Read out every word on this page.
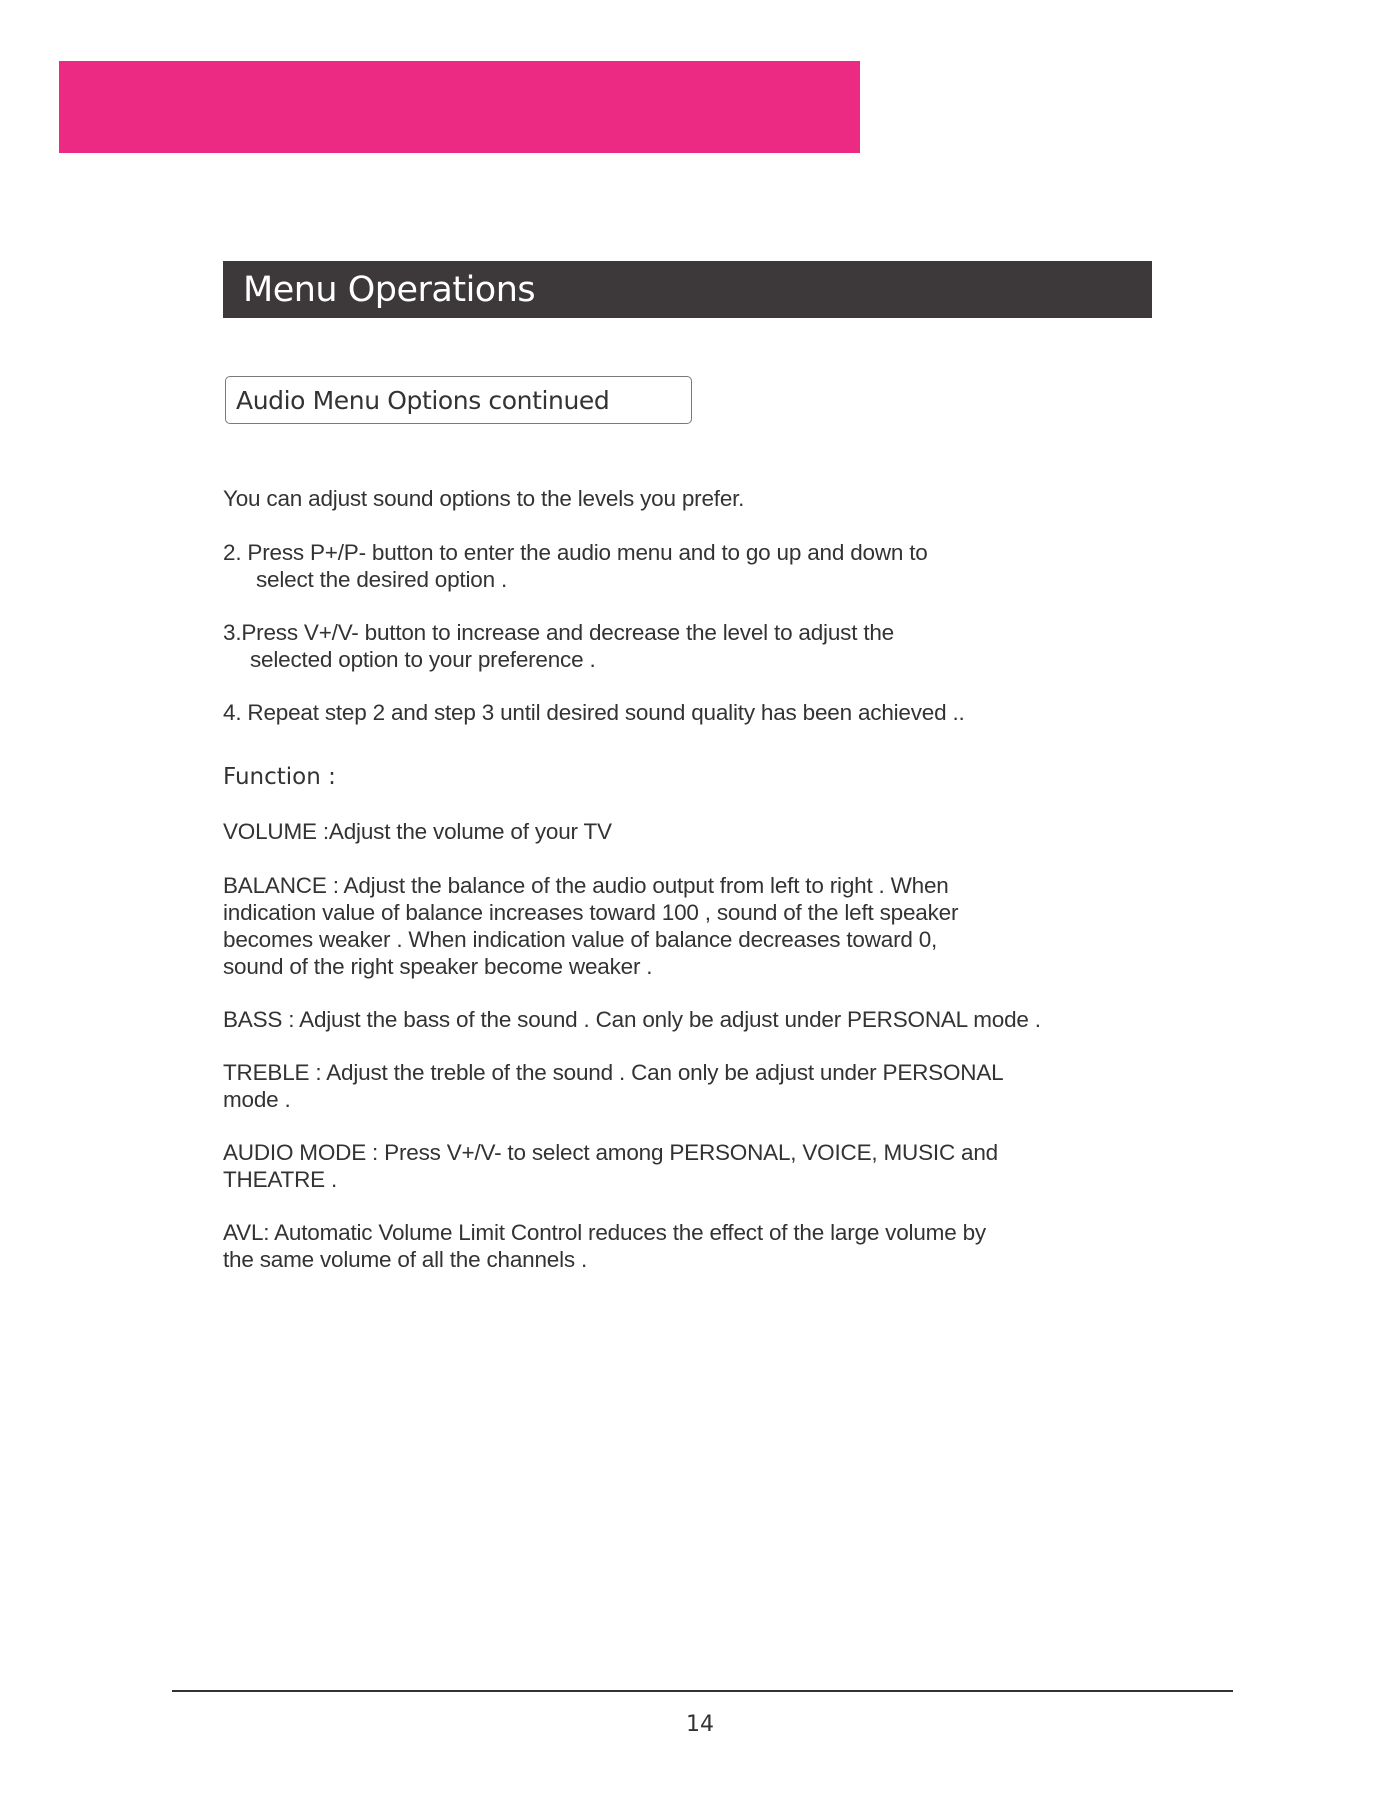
Menu Operations
Audio Menu Options continued
You can adjust sound options to the levels you prefer.
2. Press P+/P- button to enter the audio menu and to go up and down to
select the desired option .
3.Press V+/V- button to increase and decrease the level to adjust the
selected option to your preference .
4. Repeat step 2 and step 3 until desired sound quality has been achieved ..
Function :
VOLUME :Adjust the volume of your TV
BALANCE : Adjust the balance of the audio output from left to right . When
indication value of balance increases toward 100 , sound of the left speaker
becomes weaker . When indication value of balance decreases toward 0,
sound of the right speaker become weaker .
BASS : Adjust the bass of the sound . Can only be adjust under PERSONAL mode .
TREBLE : Adjust the treble of the sound . Can only be adjust under PERSONAL
mode .
AUDIO MODE : Press V+/V- to select among PERSONAL, VOICE, MUSIC and
THEATRE .
AVL: Automatic Volume Limit Control reduces the effect of the large volume by
the same volume of all the channels .
14
